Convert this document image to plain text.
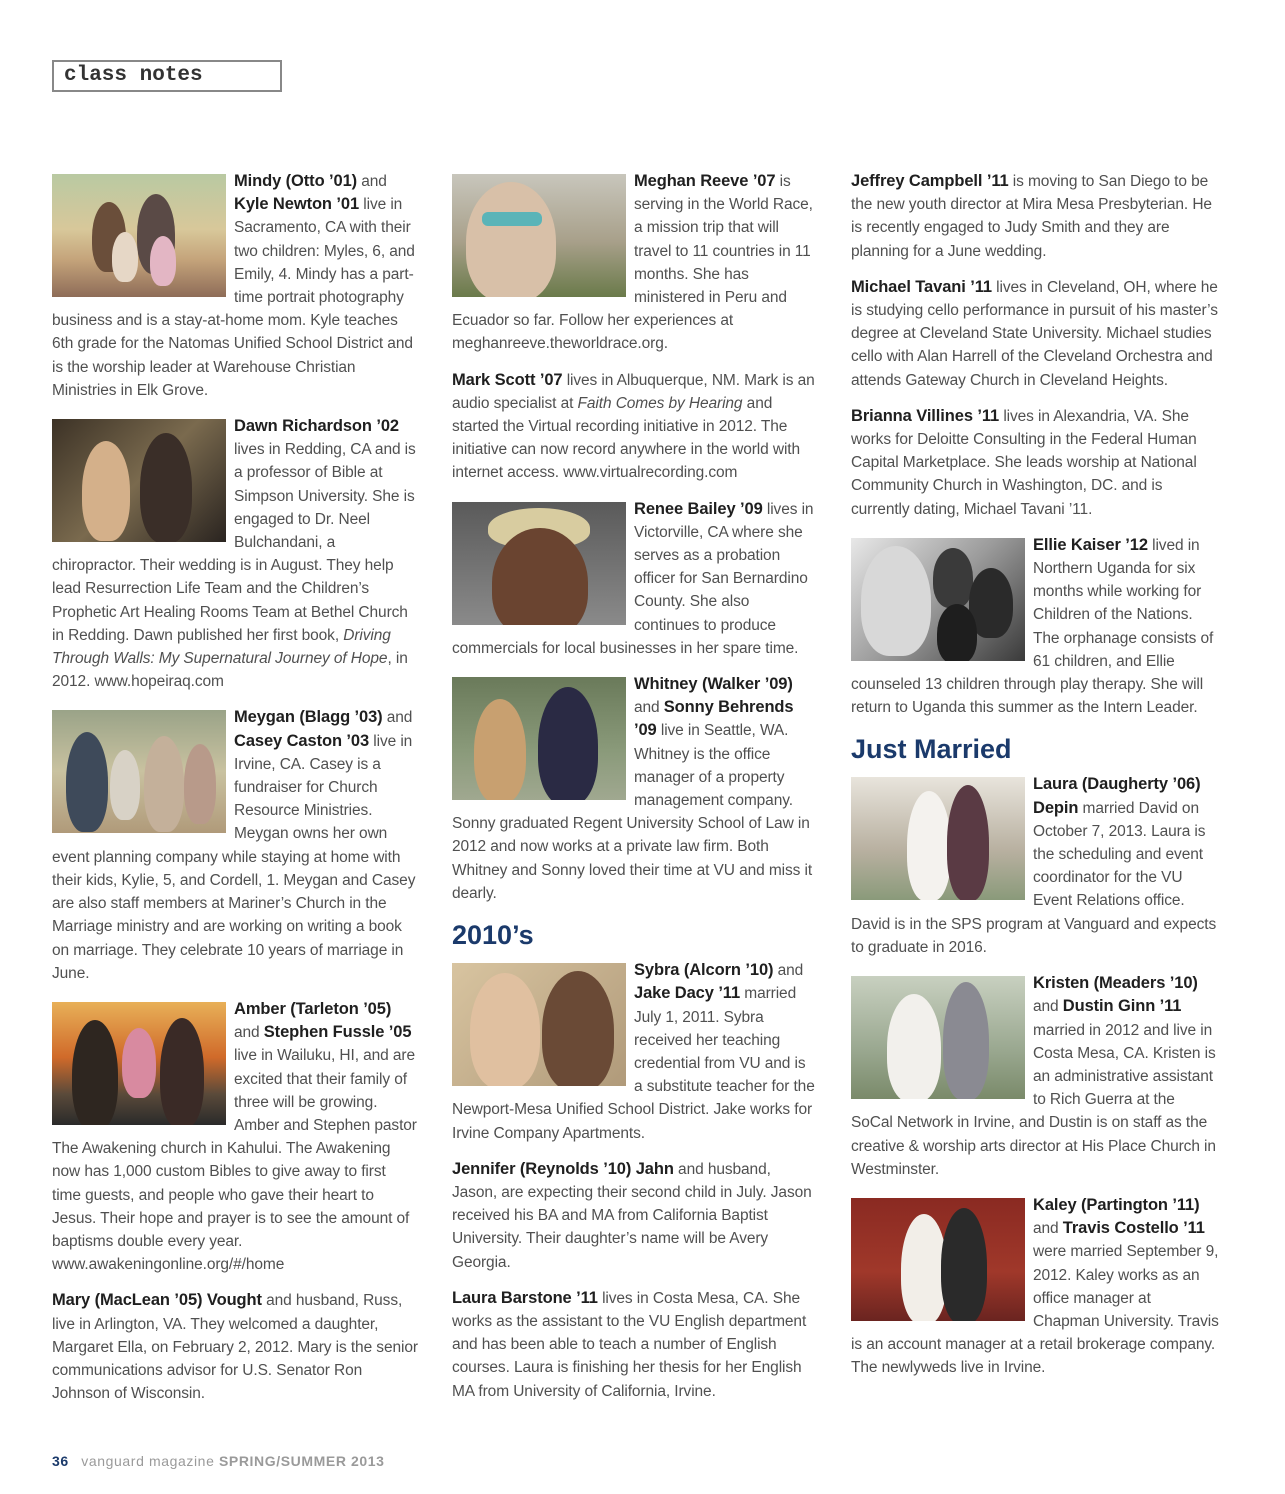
class notes

Mindy (Otto ’01) and Kyle Newton ’01 live in Sacramento, CA with their two children: Myles, 6, and Emily, 4. Mindy has a part-time portrait photography business and is a stay-at-home mom. Kyle teaches 6th grade for the Natomas Unified School District and is the worship leader at Warehouse Christian Ministries in Elk Grove.

Dawn Richardson ’02 lives in Redding, CA and is a professor of Bible at Simpson University. She is engaged to Dr. Neel Bulchandani, a chiropractor. Their wedding is in August. They help lead Resurrection Life Team and the Children’s Prophetic Art Healing Rooms Team at Bethel Church in Redding. Dawn published her first book, Driving Through Walls: My Supernatural Journey of Hope, in 2012. www.hopeiraq.com

Meygan (Blagg ’03) and Casey Caston ’03 live in Irvine, CA. Casey is a fundraiser for Church Resource Ministries. Meygan owns her own event planning company while staying at home with their kids, Kylie, 5, and Cordell, 1. Meygan and Casey are also staff members at Mariner’s Church in the Marriage ministry and are working on writing a book on marriage. They celebrate 10 years of marriage in June.

Amber (Tarleton ’05) and Stephen Fussle ’05 live in Wailuku, HI, and are excited that their family of three will be growing. Amber and Stephen pastor The Awakening church in Kahului. The Awakening now has 1,000 custom Bibles to give away to first time guests, and people who gave their heart to Jesus. Their hope and prayer is to see the amount of baptisms double every year. www.awakeningonline.org/#/home

Mary (MacLean ’05) Vought and husband, Russ, live in Arlington, VA. They welcomed a daughter, Margaret Ella, on February 2, 2012. Mary is the senior communications advisor for U.S. Senator Ron Johnson of Wisconsin.

Meghan Reeve ’07 is serving in the World Race, a mission trip that will travel to 11 countries in 11 months. She has ministered in Peru and Ecuador so far. Follow her experiences at meghanreeve.theworldrace.org.

Mark Scott ’07 lives in Albuquerque, NM. Mark is an audio specialist at Faith Comes by Hearing and started the Virtual recording initiative in 2012. The initiative can now record anywhere in the world with internet access. www.virtualrecording.com

Renee Bailey ’09 lives in Victorville, CA where she serves as a probation officer for San Bernardino County. She also continues to produce commercials for local businesses in her spare time.

Whitney (Walker ’09) and Sonny Behrends ’09 live in Seattle, WA. Whitney is the office manager of a property management company. Sonny graduated Regent University School of Law in 2012 and now works at a private law firm. Both Whitney and Sonny loved their time at VU and miss it dearly.

2010’s

Sybra (Alcorn ’10) and Jake Dacy ’11 married July 1, 2011. Sybra received her teaching credential from VU and is a substitute teacher for the Newport-Mesa Unified School District. Jake works for Irvine Company Apartments.

Jennifer (Reynolds ’10) Jahn and husband, Jason, are expecting their second child in July. Jason received his BA and MA from California Baptist University. Their daughter’s name will be Avery Georgia.

Laura Barstone ’11 lives in Costa Mesa, CA. She works as the assistant to the VU English department and has been able to teach a number of English courses. Laura is finishing her thesis for her English MA from University of California, Irvine.

Jeffrey Campbell ’11 is moving to San Diego to be the new youth director at Mira Mesa Presbyterian. He is recently engaged to Judy Smith and they are planning for a June wedding.

Michael Tavani ’11 lives in Cleveland, OH, where he is studying cello performance in pursuit of his master’s degree at Cleveland State University. Michael studies cello with Alan Harrell of the Cleveland Orchestra and attends Gateway Church in Cleveland Heights.

Brianna Villines ’11 lives in Alexandria, VA. She works for Deloitte Consulting in the Federal Human Capital Marketplace. She leads worship at National Community Church in Washington, DC. and is currently dating, Michael Tavani ’11.

Ellie Kaiser ’12 lived in Northern Uganda for six months while working for Children of the Nations. The orphanage consists of 61 children, and Ellie counseled 13 children through play therapy. She will return to Uganda this summer as the Intern Leader.

Just Married

Laura (Daugherty ’06) Depin married David on October 7, 2013. Laura is the scheduling and event coordinator for the VU Event Relations office. David is in the SPS program at Vanguard and expects to graduate in 2016.

Kristen (Meaders ’10) and Dustin Ginn ’11 married in 2012 and live in Costa Mesa, CA. Kristen is an administrative assistant to Rich Guerra at the SoCal Network in Irvine, and Dustin is on staff as the creative & worship arts director at His Place Church in Westminster.

Kaley (Partington ’11) and Travis Costello ’11 were married September 9, 2012. Kaley works as an office manager at Chapman University. Travis is an account manager at a retail brokerage company. The newlyweds live in Irvine.

36 vanguard magazine SPRING/SUMMER 2013
